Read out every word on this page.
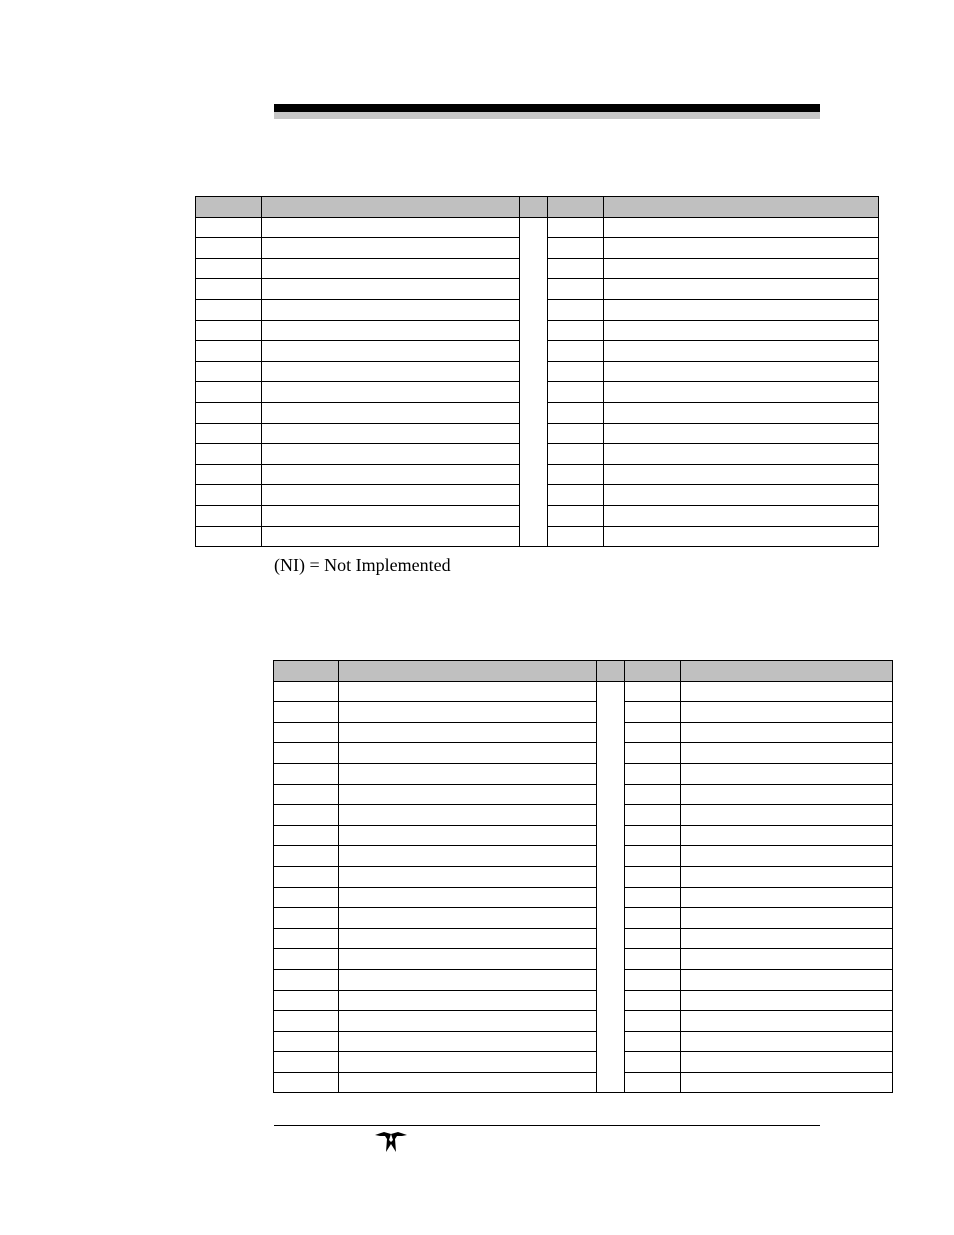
(NI) = Not Implemented
